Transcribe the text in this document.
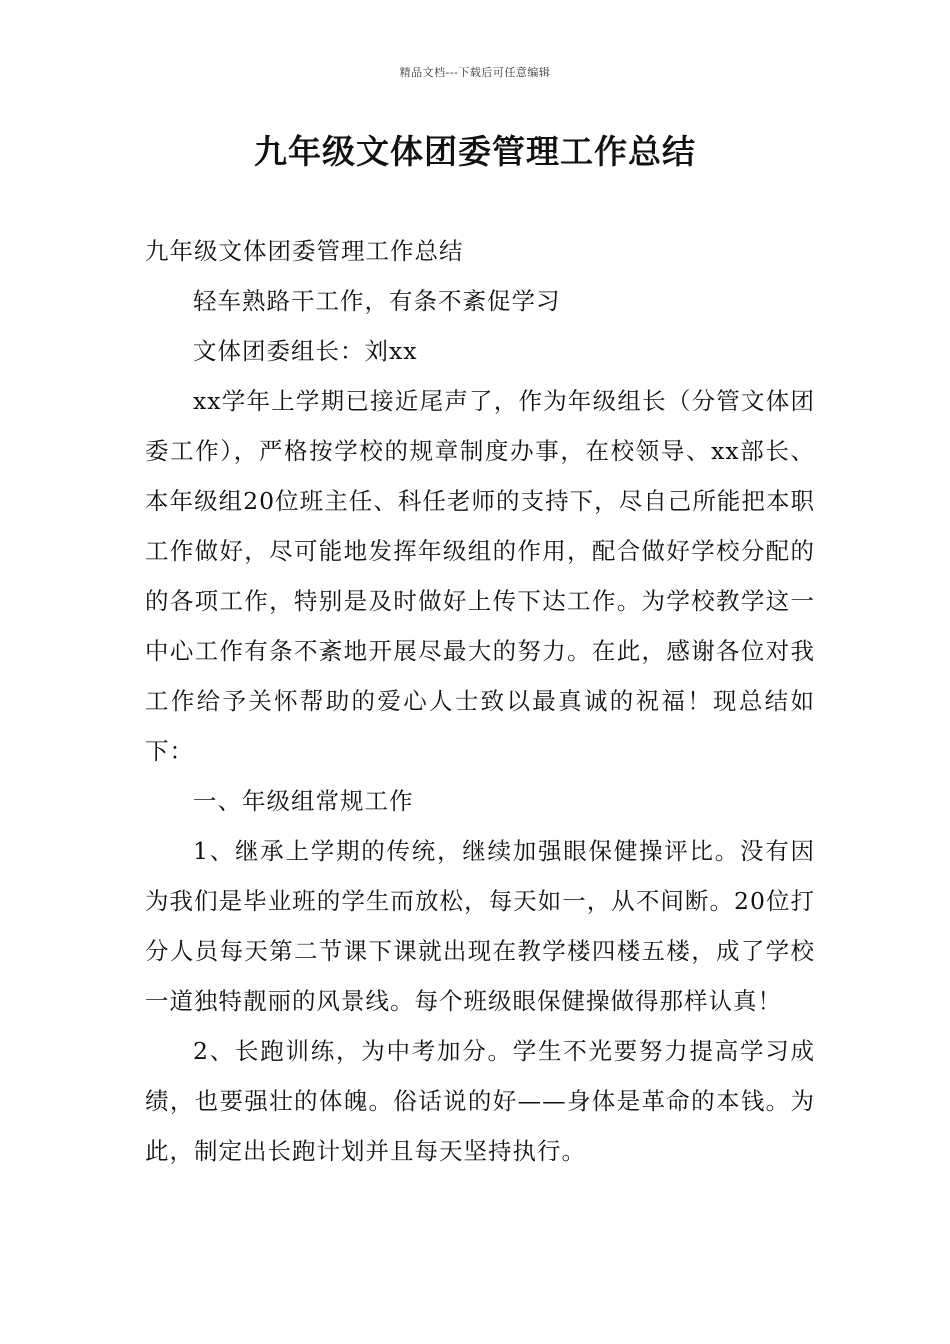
精品文档---下载后可任意编辑
九年级文体团委管理工作总结

九年级文体团委管理工作总结

轻车熟路干工作，有条不紊促学习

文体团委组长：刘xx

xx学年上学期已接近尾声了，作为年级组长（分管文体团委工作），严格按学校的规章制度办事，在校领导、xx部长、本年级组20位班主任、科任老师的支持下，尽自己所能把本职工作做好，尽可能地发挥年级组的作用，配合做好学校分配的的各项工作，特别是及时做好上传下达工作。为学校教学这一中心工作有条不紊地开展尽最大的努力。在此，感谢各位对我工作给予关怀帮助的爱心人士致以最真诚的祝福！现总结如下：

一、年级组常规工作

1、继承上学期的传统，继续加强眼保健操评比。没有因为我们是毕业班的学生而放松，每天如一，从不间断。20位打分人员每天第二节课下课就出现在教学楼四楼五楼，成了学校一道独特靓丽的风景线。每个班级眼保健操做得那样认真！

2、长跑训练，为中考加分。学生不光要努力提高学习成绩，也要强壮的体魄。俗话说的好——身体是革命的本钱。为此，制定出长跑计划并且每天坚持执行。
